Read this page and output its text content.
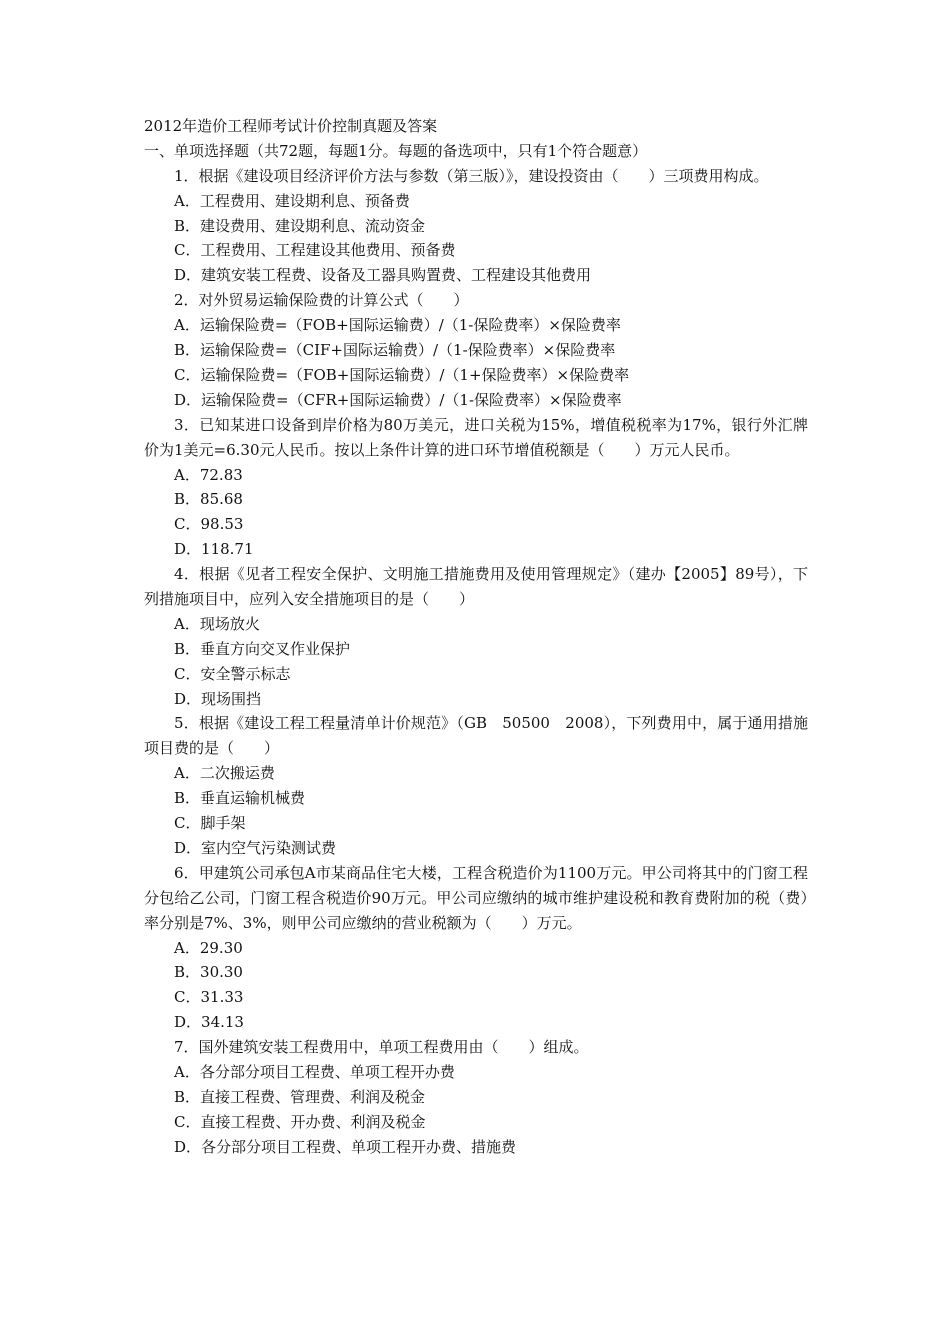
2012年造价工程师考试计价控制真题及答案
一、单项选择题（共72题，每题1分。每题的备选项中，只有1个符合题意）
1．根据《建设项目经济评价方法与参数（第三版）》，建设投资由（　　）三项费用构成。
A．工程费用、建设期利息、预备费
B．建设费用、建设期利息、流动资金
C．工程费用、工程建设其他费用、预备费
D．建筑安装工程费、设备及工器具购置费、工程建设其他费用
2．对外贸易运输保险费的计算公式（　　）
A．运输保险费=（FOB+国际运输费）/（1-保险费率）×保险费率
B．运输保险费=（CIF+国际运输费）/（1-保险费率）×保险费率
C．运输保险费=（FOB+国际运输费）/（1+保险费率）×保险费率
D．运输保险费=（CFR+国际运输费）/（1-保险费率）×保险费率
3．已知某进口设备到岸价格为80万美元，进口关税为15%，增值税税率为17%，银行外汇牌价为1美元=6.30元人民币。按以上条件计算的进口环节增值税额是（　　）万元人民币。
A．72.83
B．85.68
C．98.53
D．118.71
4．根据《见者工程安全保护、文明施工措施费用及使用管理规定》（建办【2005】89号），下列措施项目中，应列入安全措施项目的是（　　）
A．现场放火
B．垂直方向交叉作业保护
C．安全警示标志
D．现场围挡
5．根据《建设工程工程量清单计价规范》（GB　50500　2008），下列费用中，属于通用措施项目费的是（　　）
A．二次搬运费
B．垂直运输机械费
C．脚手架
D．室内空气污染测试费
6．甲建筑公司承包A市某商品住宅大楼，工程含税造价为1100万元。甲公司将其中的门窗工程分包给乙公司，门窗工程含税造价90万元。甲公司应缴纳的城市维护建设税和教育费附加的税（费）率分别是7%、3%，则甲公司应缴纳的营业税额为（　　）万元。
A．29.30
B．30.30
C．31.33
D．34.13
7．国外建筑安装工程费用中，单项工程费用由（　　）组成。
A．各分部分项目工程费、单项工程开办费
B．直接工程费、管理费、利润及税金
C．直接工程费、开办费、利润及税金
D．各分部分项目工程费、单项工程开办费、措施费
